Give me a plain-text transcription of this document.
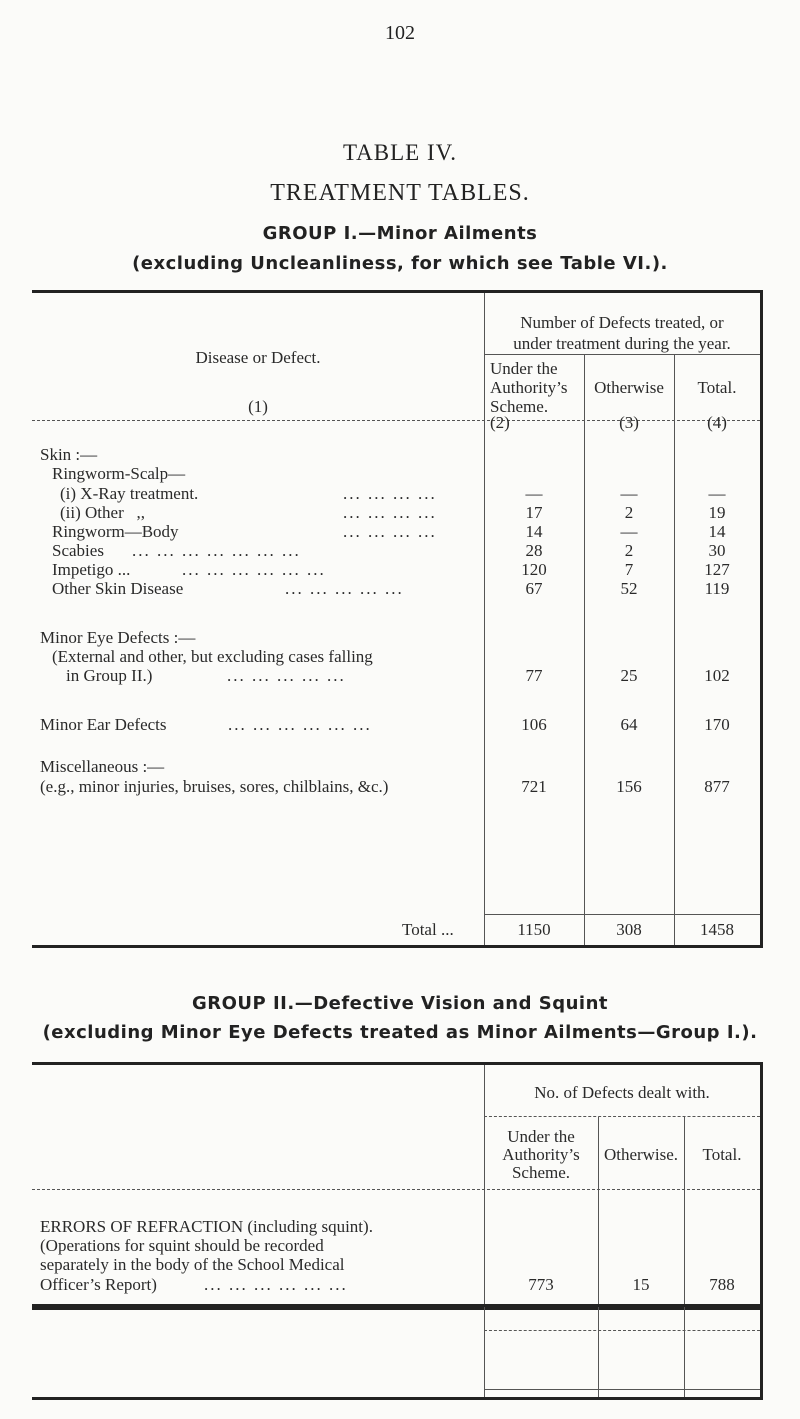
102
TABLE IV.
TREATMENT TABLES.
GROUP I.—Minor Ailments
(excluding Uncleanliness, for which see Table VI.).
Number of Defects treated, or
under treatment during the year.
Disease or Defect.
(1)
Under the
Authority’s
Scheme.
(2)
Otherwise
(3)
Total.
(4)
Skin :—
Ringworm-Scalp—
(i) X-Ray treatment.	... ... ... ...	—	—	—
(ii) Other   ,,	... ... ... ...	17	2	19
Ringworm—Body	... ... ... ...	14	—	14
Scabies ... ... ... ... ... ... ...	28	2	30
Impetigo ...	... ... ... ... ... ...	120	7	127
Other Skin Disease	... ... ... ... ...	67	52	119
Minor Eye Defects :—
(External and other, but excluding cases falling
in Group II.)	... ... ... ... ...	77	25	102
Minor Ear Defects	... ... ... ... ... ...	106	64	170
Miscellaneous :—
(e.g., minor injuries, bruises, sores, chilblains, &c.)	721	156	877
Total ...	1150	308	1458
GROUP II.—Defective Vision and Squint
(excluding Minor Eye Defects treated as Minor Ailments—Group I.).
No. of Defects dealt with.
Under the
Authority’s
Scheme.
Otherwise.	Total.
ERRORS OF REFRACTION (including squint).
(Operations for squint should be recorded
separately in the body of the School Medical
Officer’s Report)	... ... ... ... ... ...	773	15	788
